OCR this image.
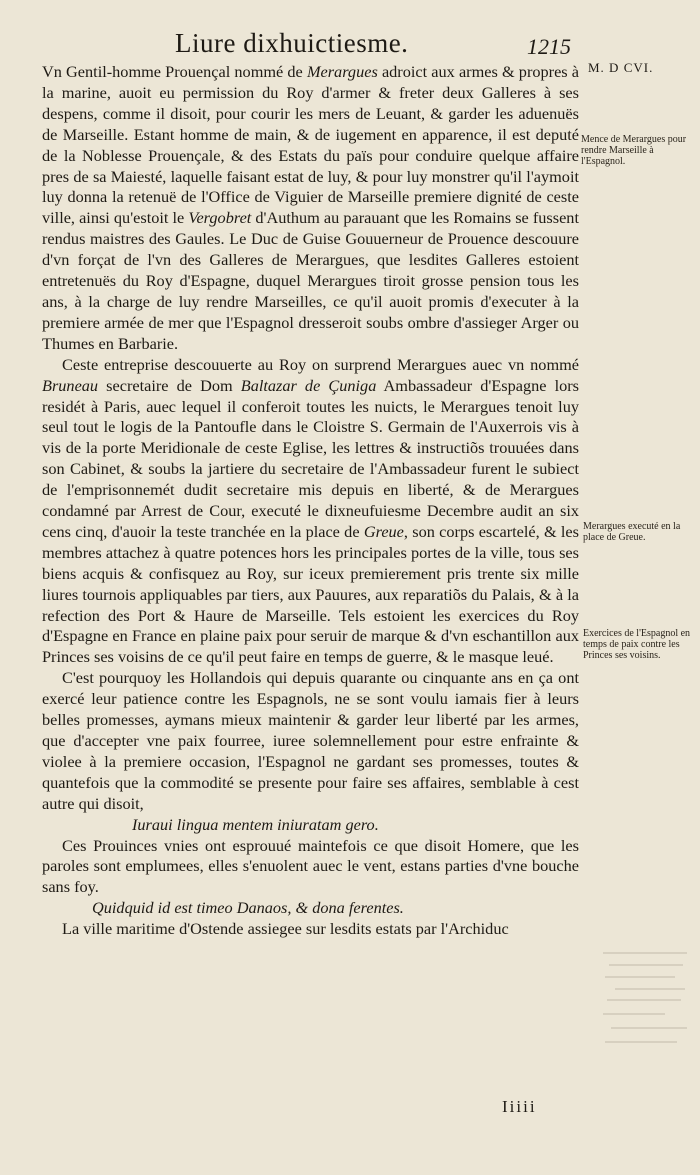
Liure dixhuictiesme.	1215
M. D CVI.

Vn Gentil-homme Prouençal nommé de Merargues adroict aux armes & propres à la marine, auoit eu permission du Roy d'armer & freter deux Galleres à ses despens, comme il disoit, pour courir les mers de Leuant, & garder les aduenuës de Marseille. Estant homme de main, & de iugement en apparence, il est deputé de la Noblesse Prouençale, & des Estats du païs pour conduire quelque affaire pres de sa Maiesté, laquelle faisant estat de luy, & pour luy monstrer qu'il l'aymoit luy donna la retenuë de l'Office de Viguier de Marseille premiere dignité de ceste ville, ainsi qu'estoit le Vergobret d'Authum au parauant que les Romains se fussent rendus maistres des Gaules. Le Duc de Guise Gouuerneur de Prouence descouure d'vn forçat de l'vn des Galleres de Merargues, que lesdites Galleres estoient entretenuës du Roy d'Espagne, duquel Merargues tiroit grosse pension tous les ans, à la charge de luy rendre Marseilles, ce qu'il auoit promis d'executer à la premiere armée de mer que l'Espagnol dresseroit soubs ombre d'assieger Arger ou Thumes en Barbarie.

Ceste entreprise descouuerte au Roy on surprend Merargues auec vn nommé Bruneau secretaire de Dom Baltazar de Çuniga Ambassadeur d'Espagne lors residét à Paris, auec lequel il conferoit toutes les nuicts, le Merargues tenoit luy seul tout le logis de la Pantoufle dans le Cloistre S. Germain de l'Auxerrois vis à vis de la porte Meridionale de ceste Eglise, les lettres & instructiõs trouuées dans son Cabinet, & soubs la jartiere du secretaire de l'Ambassadeur furent le subiect de l'emprisonnemét dudit secretaire mis depuis en liberté, & de Merargues condamné par Arrest de Cour, executé le dixneufuiesme Decembre audit an six cens cinq, d'auoir la teste tranchée en la place de Greue, son corps escartelé, & les membres attachez à quatre potences hors les principales portes de la ville, tous ses biens acquis & confisquez au Roy, sur iceux premierement pris trente six mille liures tournois appliquables par tiers, aux Pauures, aux reparatiõs du Palais, & à la refection des Port & Haure de Marseille. Tels estoient les exercices du Roy d'Espagne en France en plaine paix pour seruir de marque & d'vn eschantillon aux Princes ses voisins de ce qu'il peut faire en temps de guerre, & le masque leué.

C'est pourquoy les Hollandois qui depuis quarante ou cinquante ans en ça ont exercé leur patience contre les Espagnols, ne se sont voulu iamais fier à leurs belles promesses, aymans mieux maintenir & garder leur liberté par les armes, que d'accepter vne paix fourree, iuree solemnellement pour estre enfrainte & violee à la premiere occasion, l'Espagnol ne gardant ses promesses, toutes & quantefois que la commodité se presente pour faire ses affaires, semblable à cest autre qui disoit,

Iuraui lingua mentem iniuratam gero.

Ces Prouinces vnies ont esprouué maintefois ce que disoit Homere, que les paroles sont emplumees, elles s'enuolent auec le vent, estans parties d'vne bouche sans foy.

Quidquid id est timeo Danaos, & dona ferentes.

La ville maritime d'Ostende assiegee sur lesdits estats par l'Archiduc

Iiiii
Mence de Merargues pour rendre Marseille à l'Espagnol.
Merargues executé en la place de Greue.
Exercices de l'Espagnol en temps de paix contre les Princes ses voisins.
